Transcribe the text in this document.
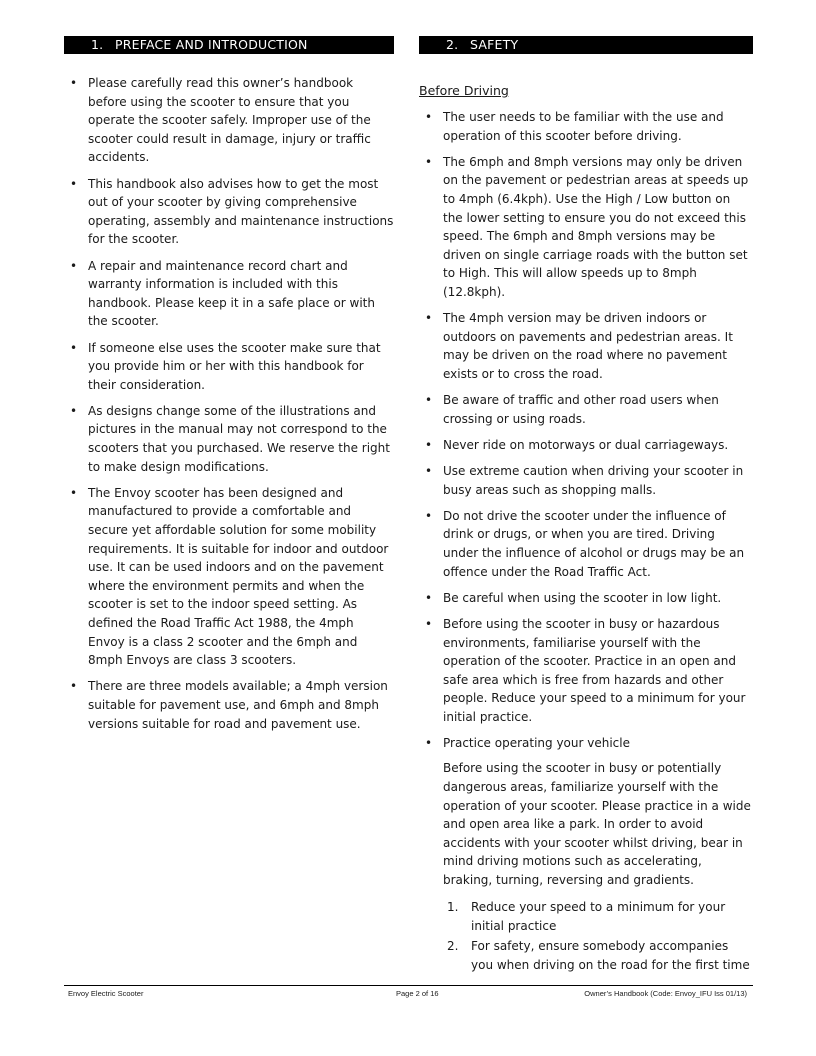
1. PREFACE AND INTRODUCTION
• Please carefully read this owner’s handbook before using the scooter to ensure that you operate the scooter safely. Improper use of the scooter could result in damage, injury or traffic accidents.
• This handbook also advises how to get the most out of your scooter by giving comprehensive operating, assembly and maintenance instructions for the scooter.
• A repair and maintenance record chart and warranty information is included with this handbook. Please keep it in a safe place or with the scooter.
• If someone else uses the scooter make sure that you provide him or her with this handbook for their consideration.
• As designs change some of the illustrations and pictures in the manual may not correspond to the scooters that you purchased. We reserve the right to make design modifications.
• The Envoy scooter has been designed and manufactured to provide a comfortable and secure yet affordable solution for some mobility requirements. It is suitable for indoor and outdoor use. It can be used indoors and on the pavement where the environment permits and when the scooter is set to the indoor speed setting. As defined the Road Traffic Act 1988, the 4mph Envoy is a class 2 scooter and the 6mph and 8mph Envoys are class 3 scooters.
• There are three models available; a 4mph version suitable for pavement use, and 6mph and 8mph versions suitable for road and pavement use.
2. SAFETY
Before Driving
• The user needs to be familiar with the use and operation of this scooter before driving.
• The 6mph and 8mph versions may only be driven on the pavement or pedestrian areas at speeds up to 4mph (6.4kph). Use the High / Low button on the lower setting to ensure you do not exceed this speed. The 6mph and 8mph versions may be driven on single carriage roads with the button set to High. This will allow speeds up to 8mph (12.8kph).
• The 4mph version may be driven indoors or outdoors on pavements and pedestrian areas. It may be driven on the road where no pavement exists or to cross the road.
• Be aware of traffic and other road users when crossing or using roads.
• Never ride on motorways or dual carriageways.
• Use extreme caution when driving your scooter in busy areas such as shopping malls.
• Do not drive the scooter under the influence of drink or drugs, or when you are tired. Driving under the influence of alcohol or drugs may be an offence under the Road Traffic Act.
• Be careful when using the scooter in low light.
• Before using the scooter in busy or hazardous environments, familiarise yourself with the operation of the scooter. Practice in an open and safe area which is free from hazards and other people. Reduce your speed to a minimum for your initial practice.
• Practice operating your vehicle

Before using the scooter in busy or potentially dangerous areas, familiarize yourself with the operation of your scooter. Please practice in a wide and open area like a park. In order to avoid accidents with your scooter whilst driving, bear in mind driving motions such as accelerating, braking, turning, reversing and gradients.

1. Reduce your speed to a minimum for your initial practice
2. For safety, ensure somebody accompanies you when driving on the road for the first time
Envoy Electric Scooter	Page 2 of 16	Owner’s Handbook (Code: Envoy_IFU Iss 01/13)
